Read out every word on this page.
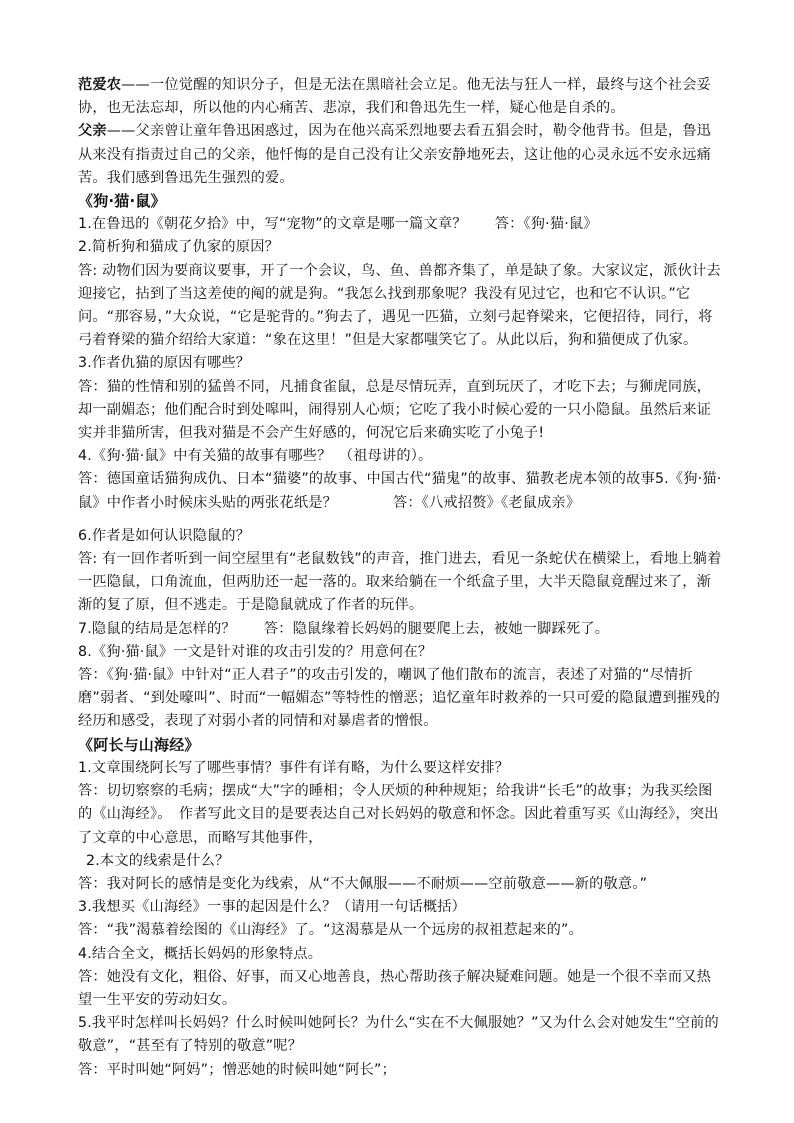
范爱农——一位觉醒的知识分子，但是无法在黑暗社会立足。他无法与狂人一样，最终与这个社会妥协，也无法忘却，所以他的内心痛苦、悲凉，我们和鲁迅先生一样，疑心他是自杀的。

父亲——父亲曾让童年鲁迅困惑过，因为在他兴高采烈地要去看五猖会时，勒令他背书。但是，鲁迅从来没有指责过自己的父亲，他忏悔的是自己没有让父亲安静地死去，这让他的心灵永远不安永远痛苦。我们感到鲁迅先生强烈的爱。

《狗·猫·鼠》

1.在鲁迅的《朝花夕拾》中，写“宠物”的文章是哪一篇文章？ 答：《狗·猫·鼠》

2.简析狗和猫成了仇家的原因？

答: 动物们因为要商议要事，开了一个会议，鸟、鱼、兽都齐集了，单是缺了象。大家议定，派伙计去迎接它，拈到了当这差使的阄的就是狗。“我怎么找到那象呢？我没有见过它，也和它不认识。”它问。“那容易，”大众说，“它是驼背的。”狗去了，遇见一匹猫，立刻弓起脊梁来，它便招待，同行，将弓着脊梁的猫介绍给大家道：“象在这里！”但是大家都嗤笑它了。从此以后，狗和猫便成了仇家。

3.作者仇猫的原因有哪些？

答：猫的性情和别的猛兽不同，凡捕食雀鼠，总是尽情玩弄，直到玩厌了，才吃下去；与狮虎同族，却一副媚态；他们配合时到处嗥叫，闹得别人心烦；它吃了我小时候心爱的一只小隐鼠。虽然后来证实并非猫所害，但我对猫是不会产生好感的，何况它后来确实吃了小兔子!

4.《狗·猫·鼠》中有关猫的故事有哪些？　（祖母讲的）。

答：德国童话猫狗成仇、日本“猫婆”的故事、中国古代“猫鬼”的故事、猫教老虎本领的故事5.《狗·猫·鼠》中作者小时候床头贴的两张花纸是？	答：《八戒招赘》《老鼠成亲》

6.作者是如何认识隐鼠的？

答: 有一回作者听到一间空屋里有“老鼠数钱”的声音，推门进去，看见一条蛇伏在横梁上，看地上躺着一匹隐鼠，口角流血，但两肋还一起一落的。取来给躺在一个纸盒子里，大半天隐鼠竟醒过来了，渐渐的复了原，但不逃走。于是隐鼠就成了作者的玩伴。

7.隐鼠的结局是怎样的？ 答：隐鼠缘着长妈妈的腿要爬上去，被她一脚踩死了。

8.《狗·猫·鼠》一文是针对谁的攻击引发的？用意何在？

答：《狗·猫·鼠》中针对“正人君子”的攻击引发的，嘲讽了他们散布的流言，表述了对猫的“尽情折磨”弱者、“到处嚎叫”、时而“一幅媚态”等特性的憎恶；追忆童年时救养的一只可爱的隐鼠遭到摧残的经历和感受，表现了对弱小者的同情和对暴虐者的憎恨。

《阿长与山海经》

1.文章围绕阿长写了哪些事情？事件有详有略，为什么要这样安排？

答：切切察察的毛病；摆成“大”字的睡相；令人厌烦的种种规矩；给我讲“长毛”的故事；为我买绘图的《山海经》。　作者写此文目的是要表达自己对长妈妈的敬意和怀念。因此着重写买《山海经》，突出了文章的中心意思，而略写其他事件，

2.本文的线索是什么？

答：我对阿长的感情是变化为线索，从“不大佩服——不耐烦——空前敬意——新的敬意。”

3.我想买《山海经》一事的起因是什么？（请用一句话概括）

答：“我”渴慕着绘图的《山海经》了。“这渴慕是从一个远房的叔祖惹起来的”。

4.结合全文，概括长妈妈的形象特点。

答：她没有文化，粗俗、好事，而又心地善良，热心帮助孩子解决疑难问题。她是一个很不幸而又热望一生平安的劳动妇女。

5.我平时怎样叫长妈妈？什么时候叫她阿长？为什么“实在不大佩服她？”又为什么会对她发生“空前的敬意”，“甚至有了特别的敬意”呢？

答：平时叫她“阿妈”；憎恶她的时候叫她“阿长”；
